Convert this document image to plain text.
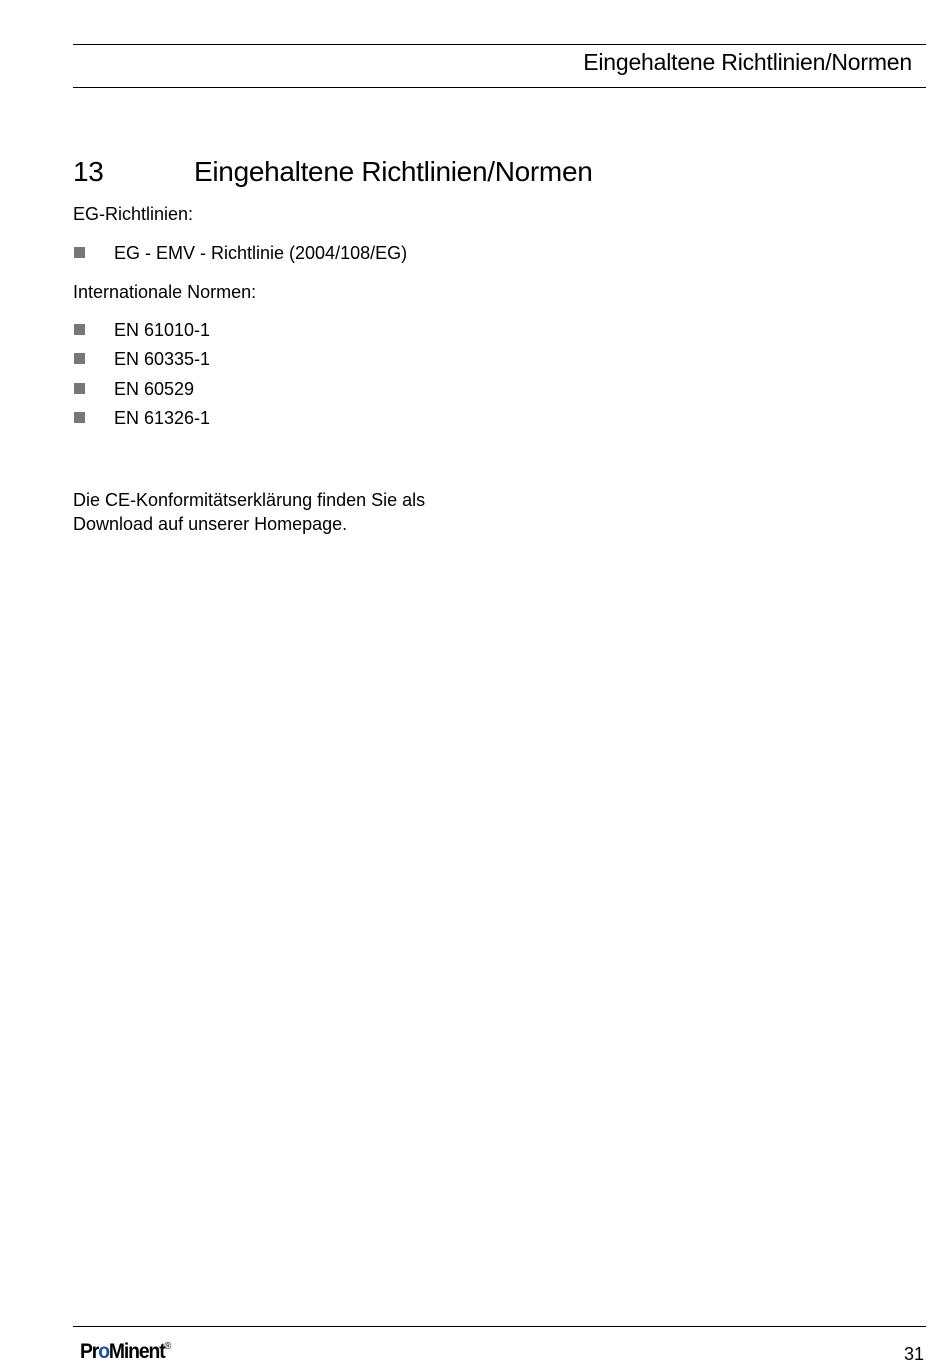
Eingehaltene Richtlinien/Normen
13	Eingehaltene Richtlinien/Normen
EG-Richtlinien:
EG - EMV - Richtlinie (2004/108/EG)
Internationale Normen:
EN 61010-1
EN 60335-1
EN 60529
EN 61326-1
Die CE-Konformitätserklärung finden Sie als
Download auf unserer Homepage.
ProMinent®	31
